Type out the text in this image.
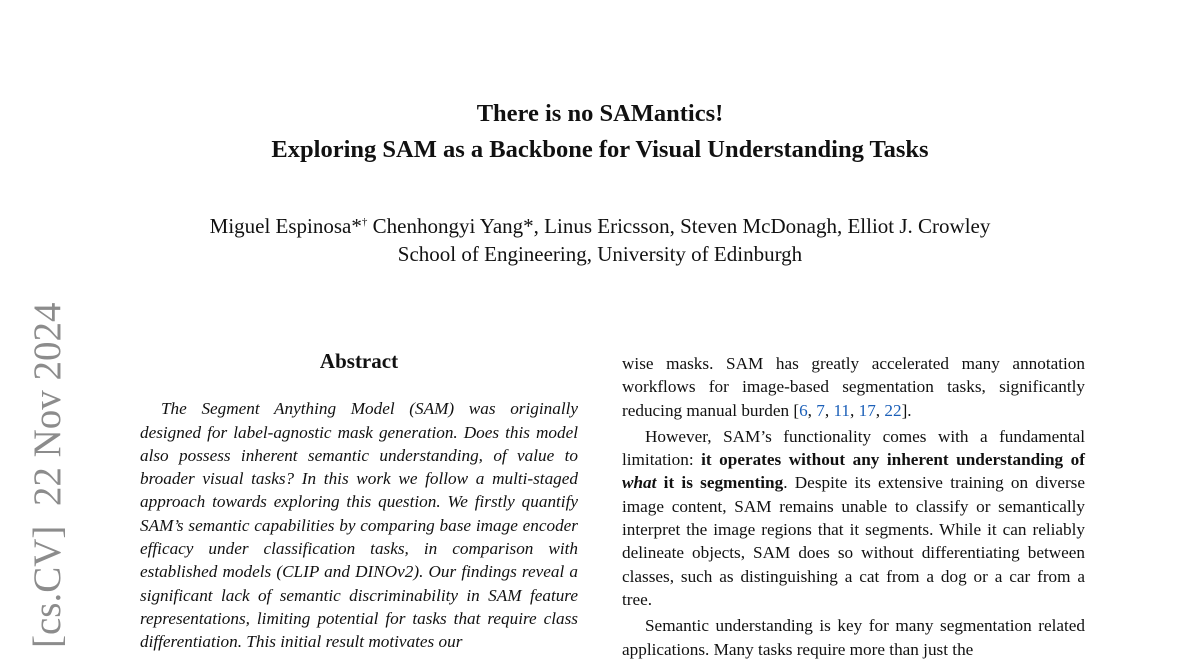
[cs.CV]  22 Nov 2024
There is no SAMantics!
Exploring SAM as a Backbone for Visual Understanding Tasks
Miguel Espinosa*† Chenhongyi Yang*, Linus Ericsson, Steven McDonagh, Elliot J. Crowley
School of Engineering, University of Edinburgh
Abstract

The Segment Anything Model (SAM) was originally designed for label-agnostic mask generation. Does this model also possess inherent semantic understanding, of value to broader visual tasks? In this work we follow a multi-staged approach towards exploring this question. We firstly quantify SAM’s semantic capabilities by comparing base image encoder efficacy under classification tasks, in comparison with established models (CLIP and DINOv2). Our findings reveal a significant lack of semantic discriminability in SAM feature representations, limiting potential for tasks that require class differentiation. This initial result motivates our

wise masks. SAM has greatly accelerated many annotation workflows for image-based segmentation tasks, significantly reducing manual burden [6, 7, 11, 17, 22].

However, SAM’s functionality comes with a fundamental limitation: it operates without any inherent understanding of what it is segmenting. Despite its extensive training on diverse image content, SAM remains unable to classify or semantically interpret the image regions that it segments. While it can reliably delineate objects, SAM does so without differentiating between classes, such as distinguishing a cat from a dog or a car from a tree.

Semantic understanding is key for many segmentation related applications. Many tasks require more than just the
